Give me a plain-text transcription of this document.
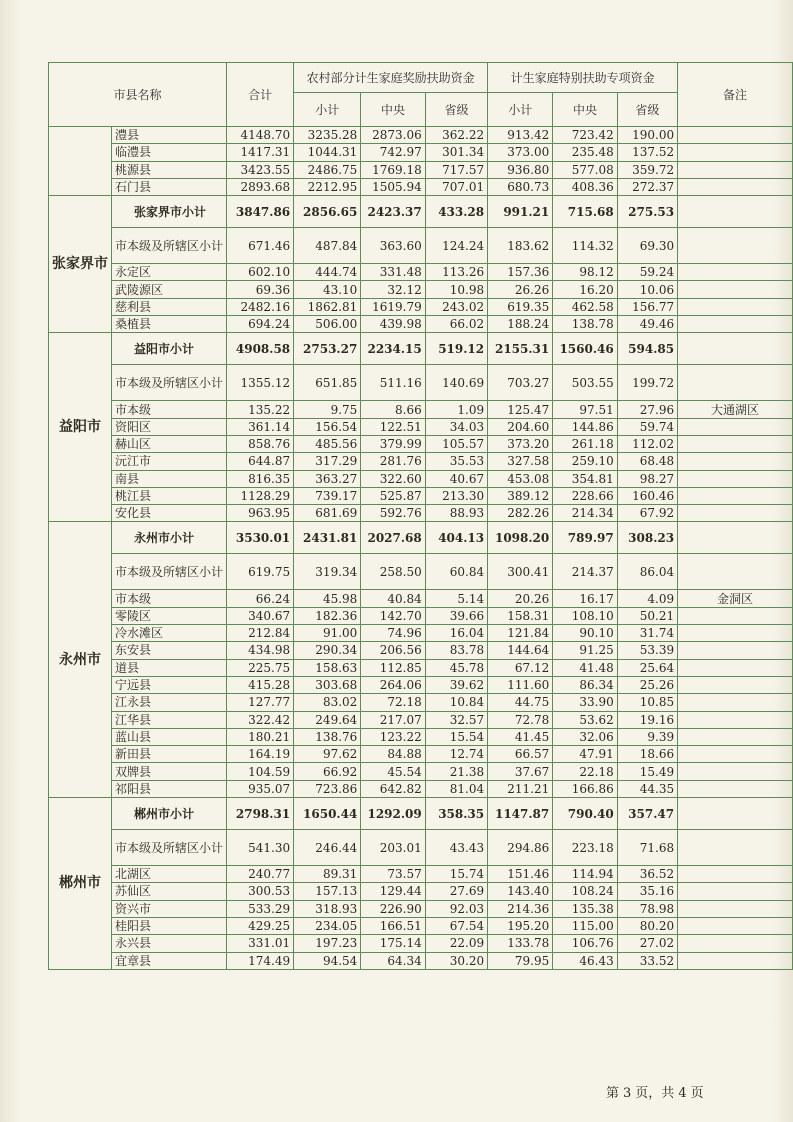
市县名称		合计	农村部分计生家庭奖励扶助资金			计生家庭特别扶助专项资金			备注
			小计	中央	省级	小计	中央	省级	
	澧县	4148.70	3235.28	2873.06	362.22	913.42	723.42	190.00	
	临澧县	1417.31	1044.31	742.97	301.34	373.00	235.48	137.52	
	桃源县	3423.55	2486.75	1769.18	717.57	936.80	577.08	359.72	
	石门县	2893.68	2212.95	1505.94	707.01	680.73	408.36	272.37	
张家界市	张家界市小计	3847.86	2856.65	2423.37	433.28	991.21	715.68	275.53	
	市本级及所辖区小计	671.46	487.84	363.60	124.24	183.62	114.32	69.30	
	永定区	602.10	444.74	331.48	113.26	157.36	98.12	59.24	
	武陵源区	69.36	43.10	32.12	10.98	26.26	16.20	10.06	
	慈利县	2482.16	1862.81	1619.79	243.02	619.35	462.58	156.77	
	桑植县	694.24	506.00	439.98	66.02	188.24	138.78	49.46	
益阳市	益阳市小计	4908.58	2753.27	2234.15	519.12	2155.31	1560.46	594.85	
	市本级及所辖区小计	1355.12	651.85	511.16	140.69	703.27	503.55	199.72	
	市本级	135.22	9.75	8.66	1.09	125.47	97.51	27.96	大通湖区
	资阳区	361.14	156.54	122.51	34.03	204.60	144.86	59.74	
	赫山区	858.76	485.56	379.99	105.57	373.20	261.18	112.02	
	沅江市	644.87	317.29	281.76	35.53	327.58	259.10	68.48	
	南县	816.35	363.27	322.60	40.67	453.08	354.81	98.27	
	桃江县	1128.29	739.17	525.87	213.30	389.12	228.66	160.46	
	安化县	963.95	681.69	592.76	88.93	282.26	214.34	67.92	
永州市	永州市小计	3530.01	2431.81	2027.68	404.13	1098.20	789.97	308.23	
	市本级及所辖区小计	619.75	319.34	258.50	60.84	300.41	214.37	86.04	
	市本级	66.24	45.98	40.84	5.14	20.26	16.17	4.09	金洞区
	零陵区	340.67	182.36	142.70	39.66	158.31	108.10	50.21	
	冷水滩区	212.84	91.00	74.96	16.04	121.84	90.10	31.74	
	东安县	434.98	290.34	206.56	83.78	144.64	91.25	53.39	
	道县	225.75	158.63	112.85	45.78	67.12	41.48	25.64	
	宁远县	415.28	303.68	264.06	39.62	111.60	86.34	25.26	
	江永县	127.77	83.02	72.18	10.84	44.75	33.90	10.85	
	江华县	322.42	249.64	217.07	32.57	72.78	53.62	19.16	
	蓝山县	180.21	138.76	123.22	15.54	41.45	32.06	9.39	
	新田县	164.19	97.62	84.88	12.74	66.57	47.91	18.66	
	双牌县	104.59	66.92	45.54	21.38	37.67	22.18	15.49	
	祁阳县	935.07	723.86	642.82	81.04	211.21	166.86	44.35	
郴州市	郴州市小计	2798.31	1650.44	1292.09	358.35	1147.87	790.40	357.47	
	市本级及所辖区小计	541.30	246.44	203.01	43.43	294.86	223.18	71.68	
	北湖区	240.77	89.31	73.57	15.74	151.46	114.94	36.52	
	苏仙区	300.53	157.13	129.44	27.69	143.40	108.24	35.16	
	资兴市	533.29	318.93	226.90	92.03	214.36	135.38	78.98	
	桂阳县	429.25	234.05	166.51	67.54	195.20	115.00	80.20	
	永兴县	331.01	197.23	175.14	22.09	133.78	106.76	27.02	
	宜章县	174.49	94.54	64.34	30.20	79.95	46.43	33.52	
第 3 页，共 4 页
